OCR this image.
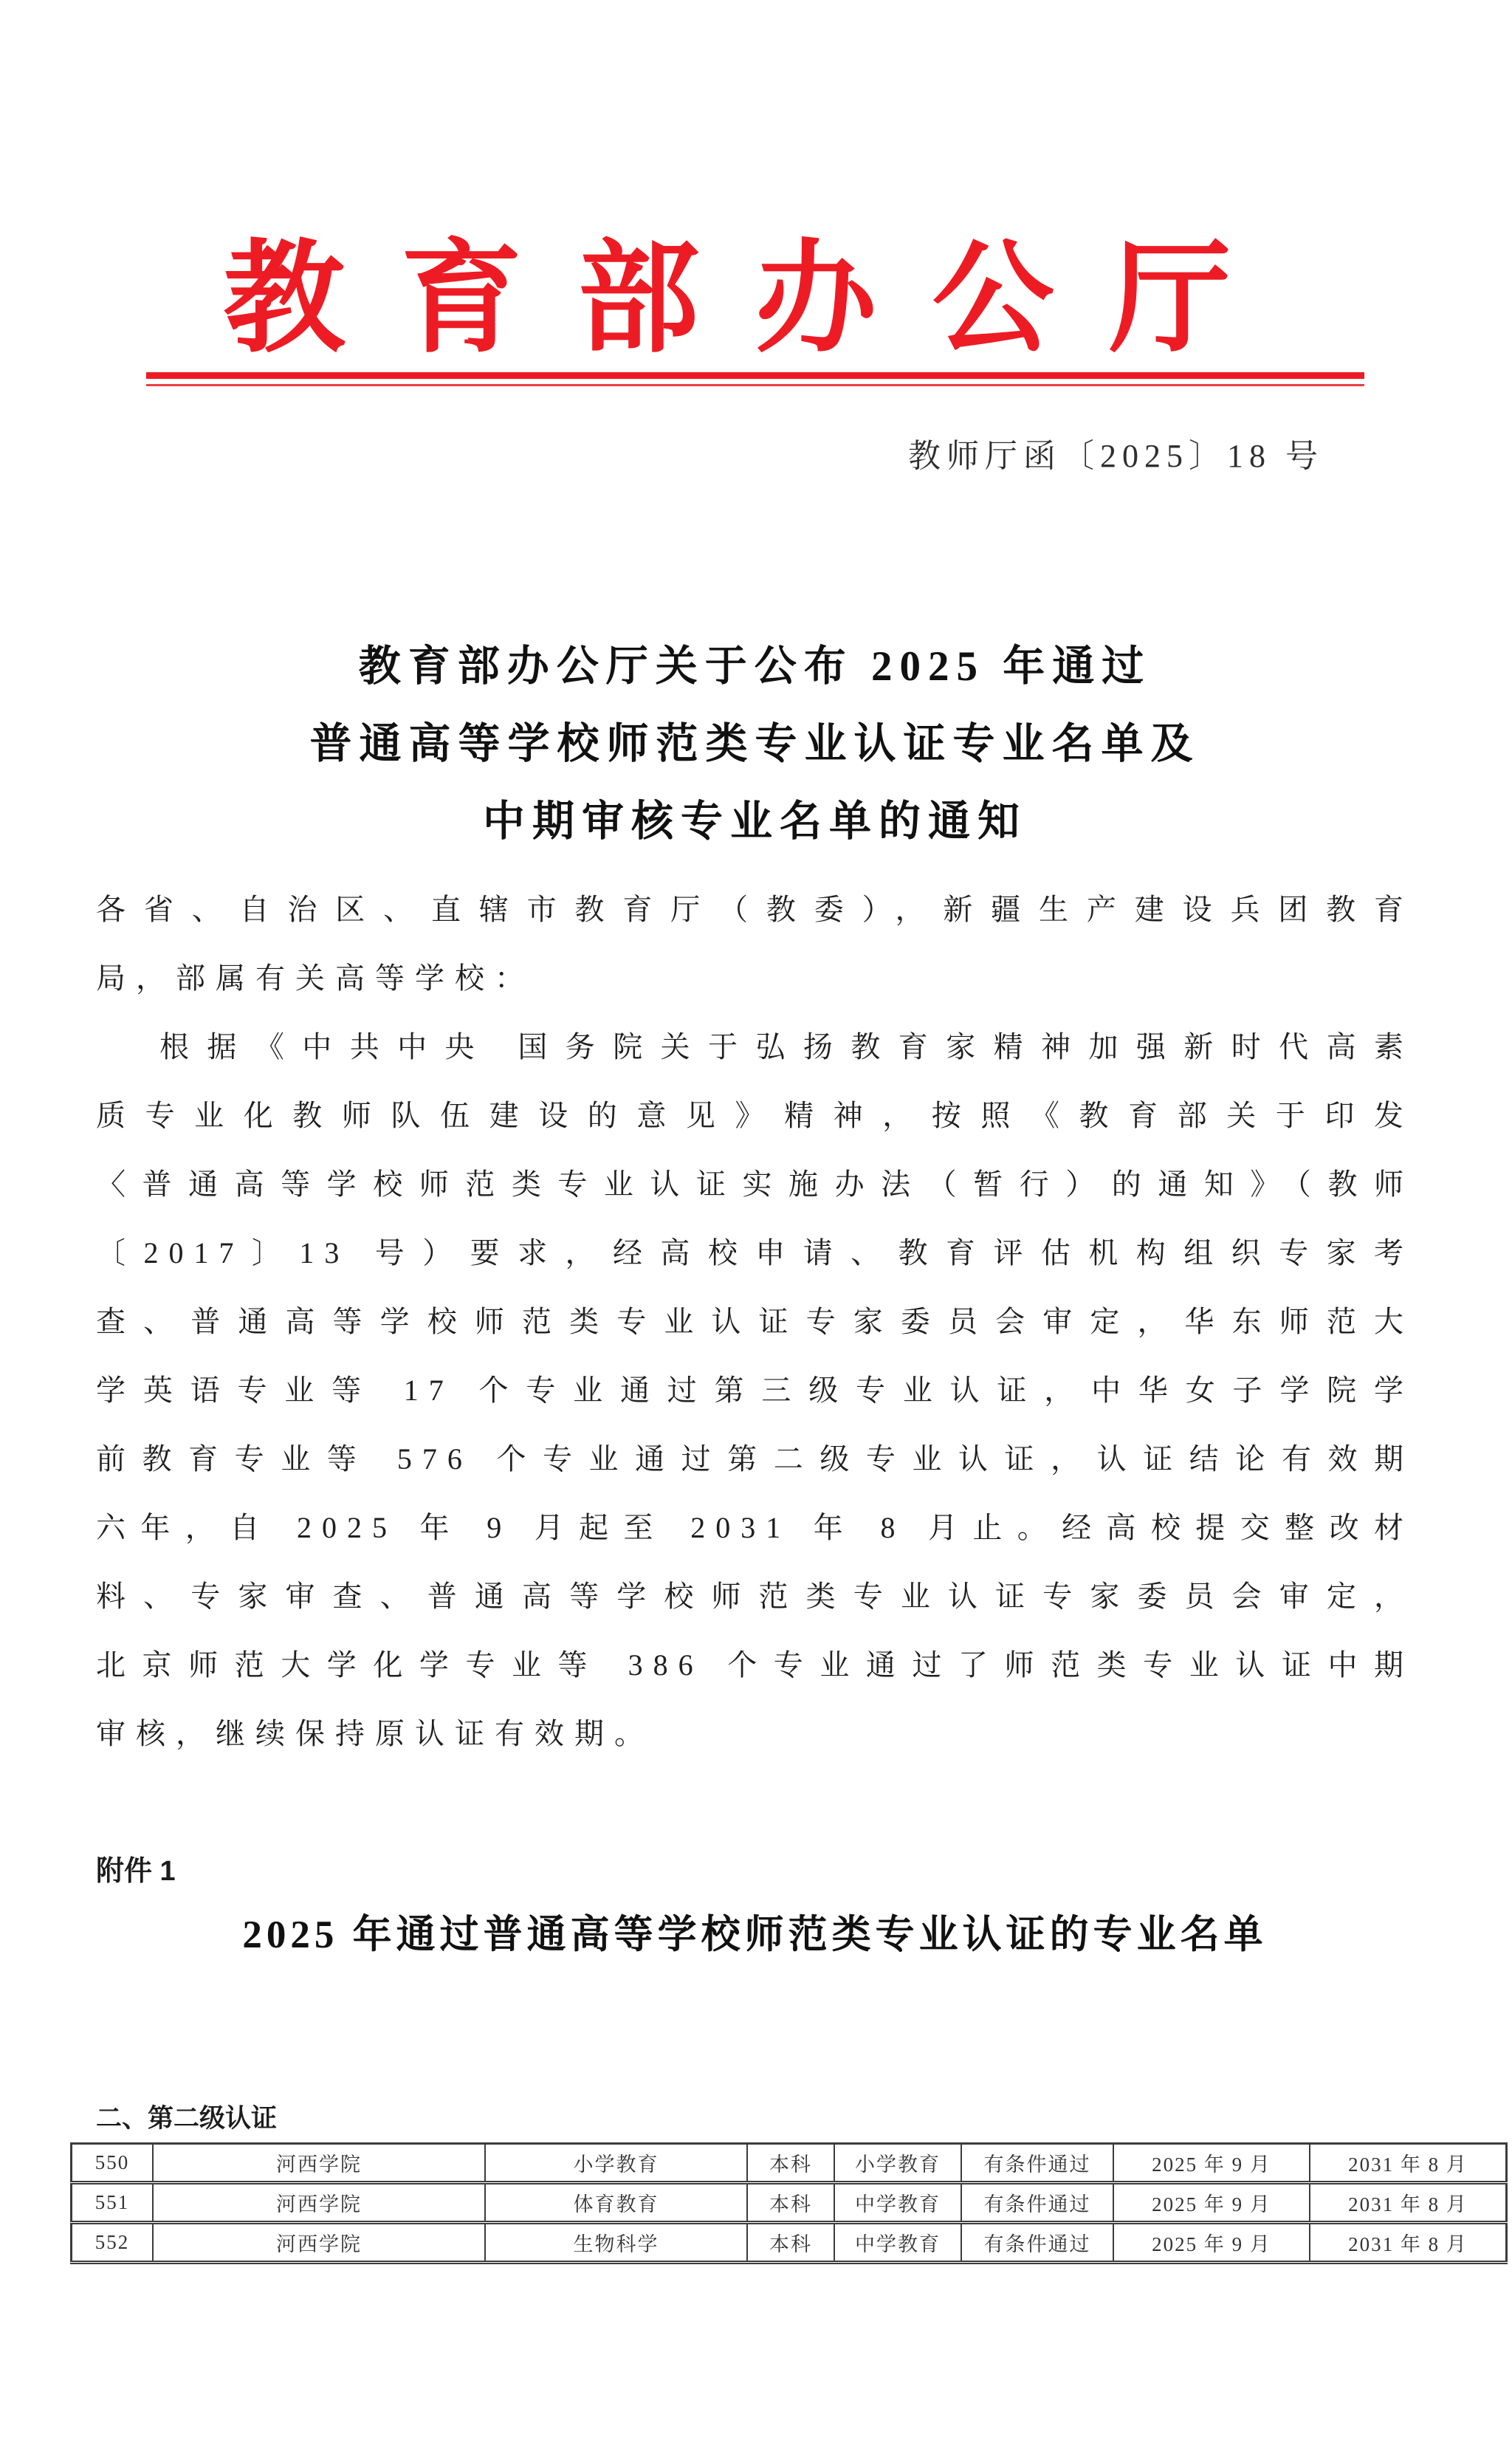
教育部办公厅
教师厅函〔2025〕18 号
教育部办公厅关于公布 2025 年通过
普通高等学校师范类专业认证专业名单及
中期审核专业名单的通知
各省、自治区、直辖市教育厅（教委），新疆生产建设兵团教育
局，部属有关高等学校：
根据《中共中央 国务院关于弘扬教育家精神加强新时代高素
质专业化教师队伍建设的意见》精神，按照《教育部关于印发
〈普通高等学校师范类专业认证实施办法（暂行）的通知》（教师
〔2017〕13 号）要求，经高校申请、教育评估机构组织专家考
查、普通高等学校师范类专业认证专家委员会审定，华东师范大
学英语专业等 17 个专业通过第三级专业认证，中华女子学院学
前教育专业等 576 个专业通过第二级专业认证，认证结论有效期
六年，自 2025 年 9 月起至 2031 年 8 月止。经高校提交整改材
料、专家审查、普通高等学校师范类专业认证专家委员会审定，
北京师范大学化学专业等 386 个专业通过了师范类专业认证中期
审核，继续保持原认证有效期。
附件 1
2025 年通过普通高等学校师范类专业认证的专业名单
二、第二级认证
550	河西学院	小学教育	本科	小学教育	有条件通过	2025 年 9 月	2031 年 8 月
551	河西学院	体育教育	本科	中学教育	有条件通过	2025 年 9 月	2031 年 8 月
552	河西学院	生物科学	本科	中学教育	有条件通过	2025 年 9 月	2031 年 8 月
